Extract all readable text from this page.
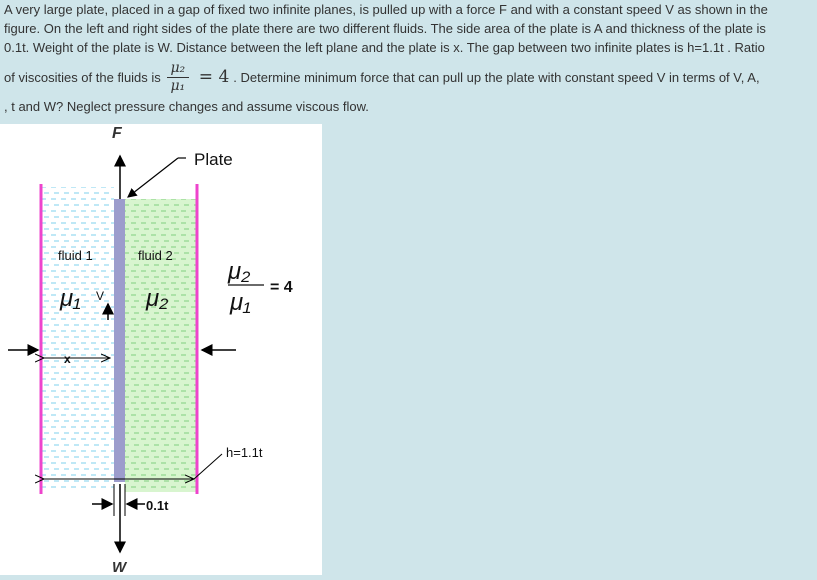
A very large plate, placed in a gap of fixed two infinite planes, is pulled up with a force F and with a constant speed V as shown in the

figure. On the left and right sides of the plate there are two different fluids. The side area of the plate is A and thickness of the plate is

0.1t. Weight of the plate is W. Distance between the left plane and the plate is x. The gap between two infinite plates is h=1.1t . Ratio

of viscosities of the fluids is $\frac{\text{μ₂}}{\text{μ₁}} = 4$ . Determine minimum force that can pull up the plate with constant speed V in terms of V, A,

, t and W? Neglect pressure changes and assume viscous flow.

F
Plate
fluid 1	fluid 2
μ₁	μ₂
V
μ₂
μ₁
= 4
x
h=1.1t
0.1t
W
